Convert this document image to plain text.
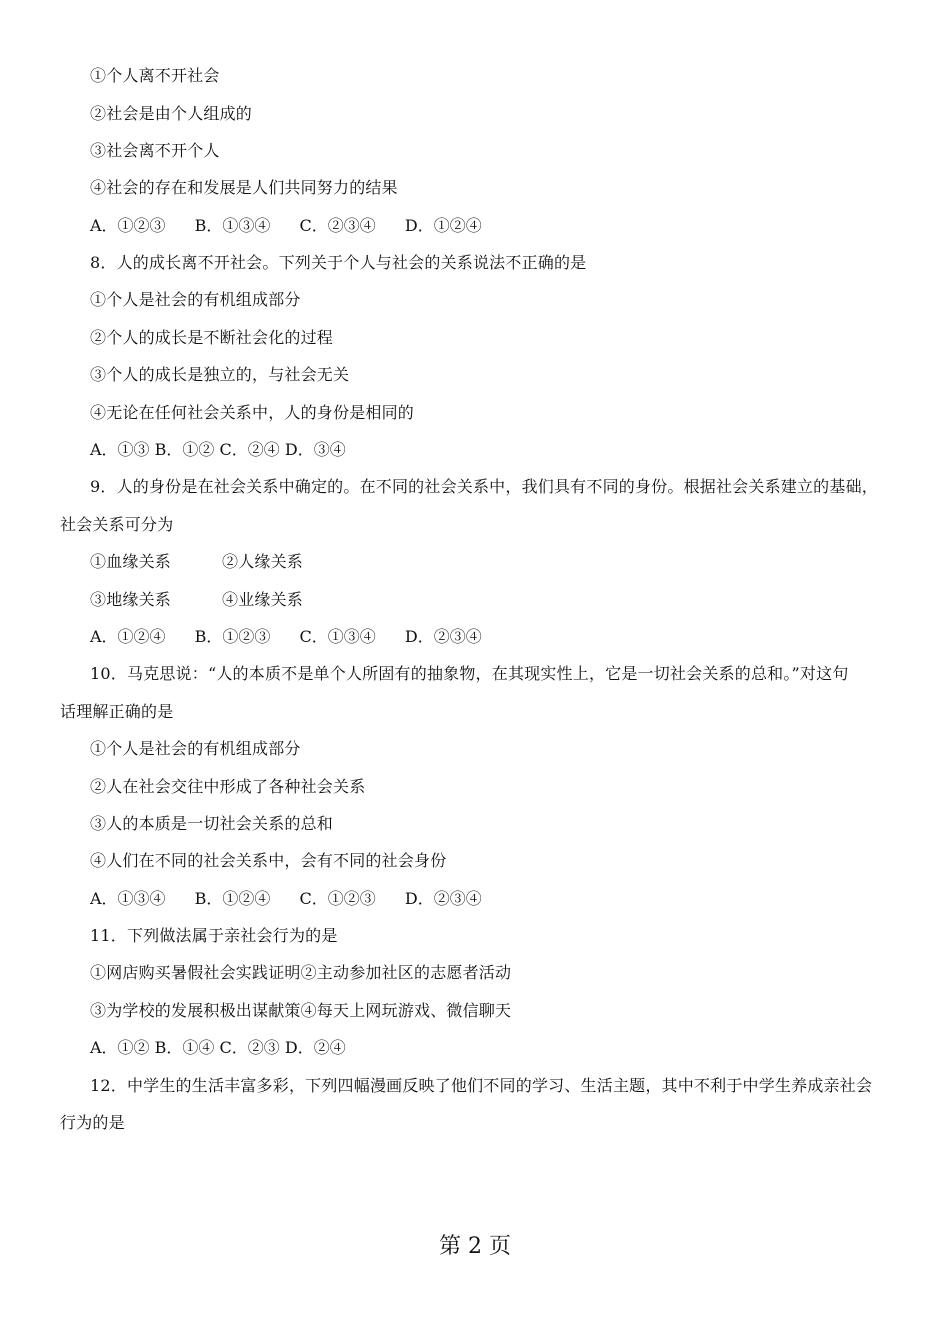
①个人离不开社会
②社会是由个人组成的
③社会离不开个人
④社会的存在和发展是人们共同努力的结果
A．①②③ B．①③④ C．②③④ D．①②④
8．人的成长离不开社会。下列关于个人与社会的关系说法不正确的是
①个人是社会的有机组成部分
②个人的成长是不断社会化的过程
③个人的成长是独立的，与社会无关
④无论在任何社会关系中，人的身份是相同的
A．①③ B．①② C．②④ D．③④
9．人的身份是在社会关系中确定的。在不同的社会关系中，我们具有不同的身份。根据社会关系建立的基础，
社会关系可分为
①血缘关系	②人缘关系
③地缘关系	④业缘关系
A．①②④ B．①②③ C．①③④ D．②③④
10．马克思说：“人的本质不是单个人所固有的抽象物，在其现实性上，它是一切社会关系的总和。”对这句
话理解正确的是
①个人是社会的有机组成部分
②人在社会交往中形成了各种社会关系
③人的本质是一切社会关系的总和
④人们在不同的社会关系中，会有不同的社会身份
A．①③④ B．①②④ C．①②③ D．②③④
11．下列做法属于亲社会行为的是
①网店购买暑假社会实践证明②主动参加社区的志愿者活动
③为学校的发展积极出谋献策④每天上网玩游戏、微信聊天
A．①② B．①④ C．②③ D．②④
12．中学生的生活丰富多彩，下列四幅漫画反映了他们不同的学习、生活主题，其中不利于中学生养成亲社会
行为的是
第 2 页
